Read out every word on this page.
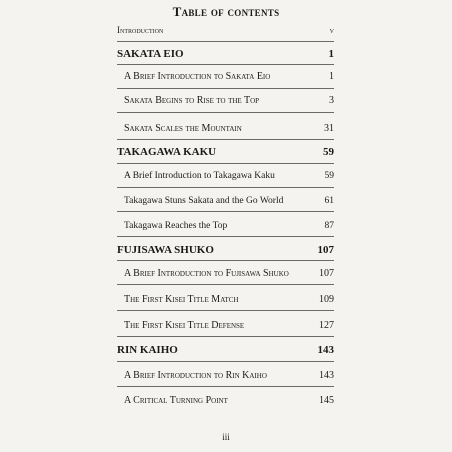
Table of contents
Introduction	v
SAKATA EIO	1
A Brief Introduction to Sakata Eio	1
Sakata Begins to Rise to the Top	3
Sakata Scales the Mountain	31
TAKAGAWA KAKU	59
A Brief Introduction to Takagawa Kaku	59
Takagawa Stuns Sakata and the Go World	61
Takagawa Reaches the Top	87
FUJISAWA SHUKO	107
A Brief Introduction to Fujisawa Shuko	107
The First Kisei Title Match	109
The First Kisei Title Defense	127
RIN KAIHO	143
A Brief Introduction to Rin Kaiho	143
A Critical Turning Point	145
iii
